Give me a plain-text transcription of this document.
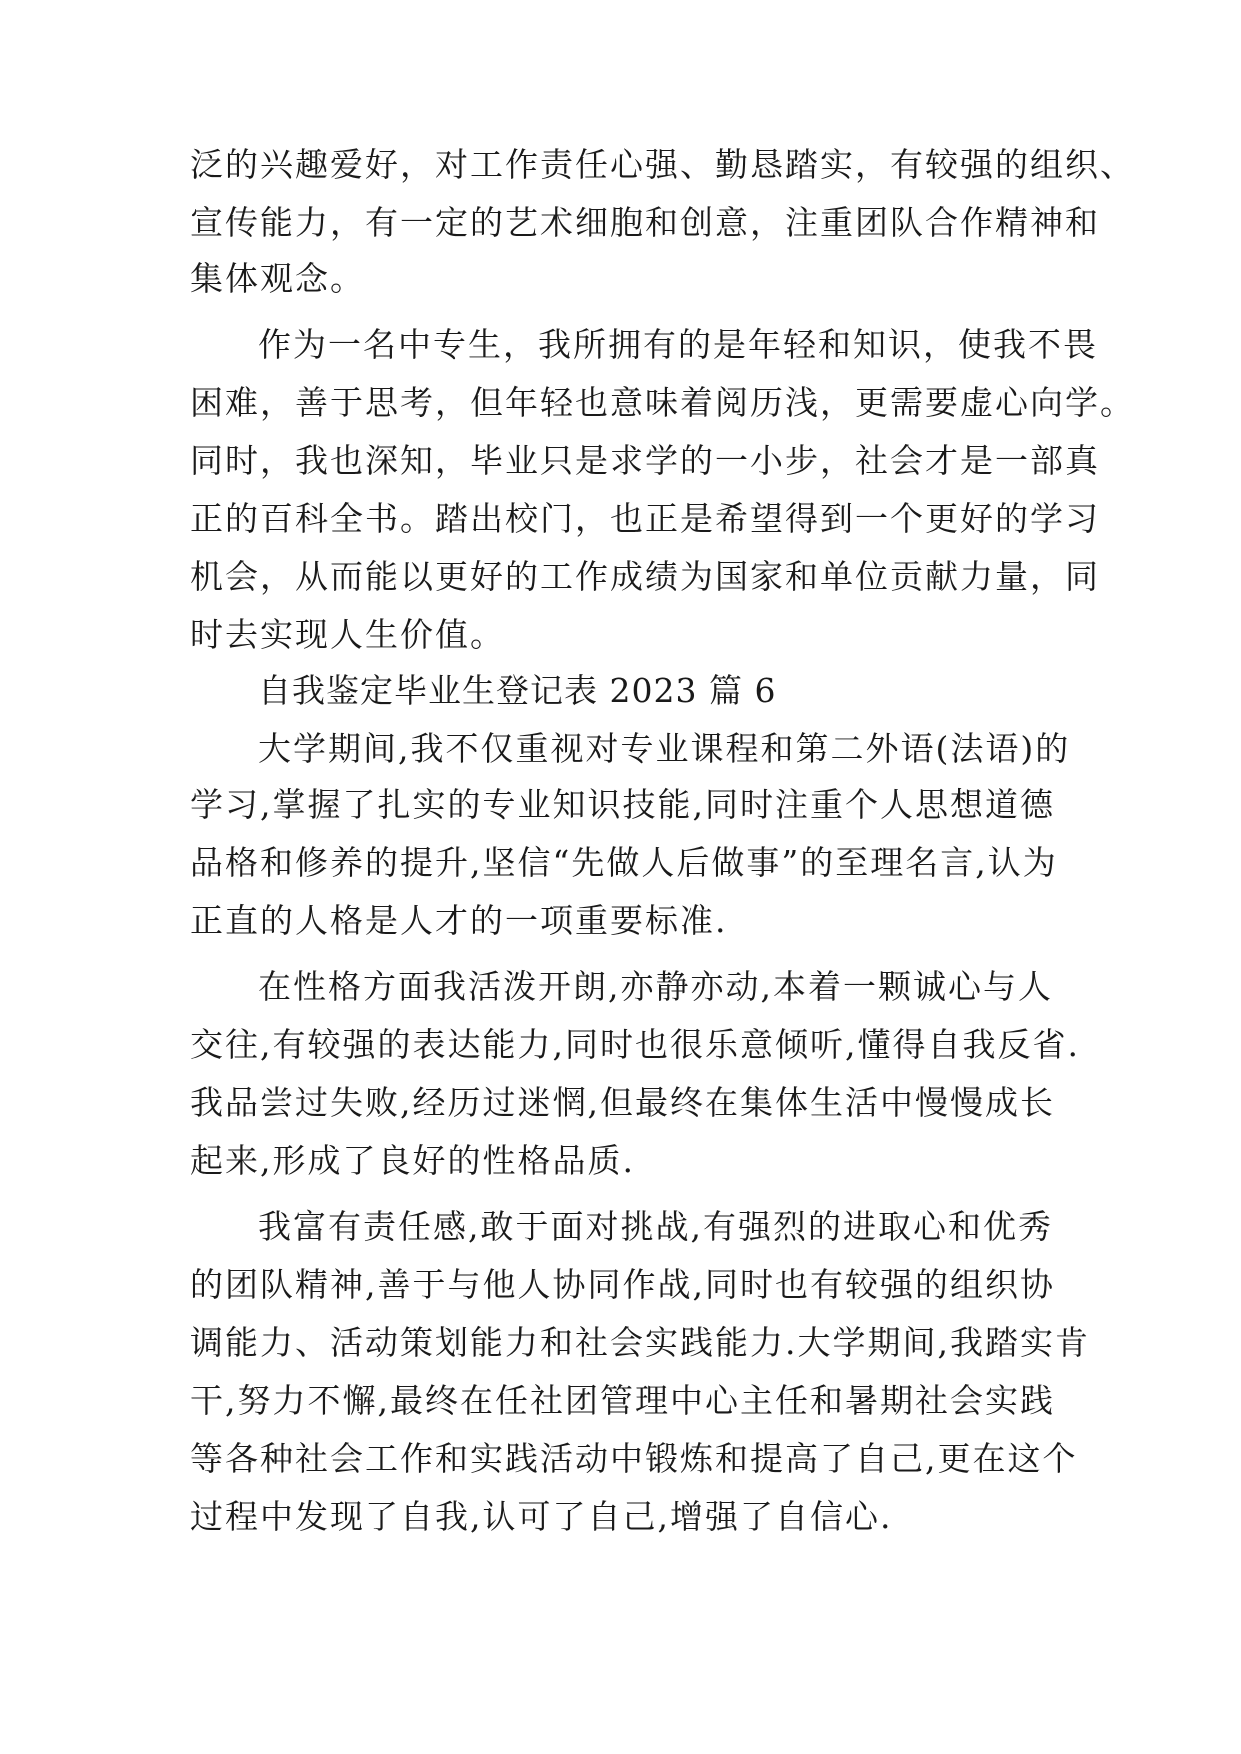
泛的兴趣爱好，对工作责任心强、勤恳踏实，有较强的组织、
宣传能力，有一定的艺术细胞和创意，注重团队合作精神和
集体观念。
作为一名中专生，我所拥有的是年轻和知识，使我不畏
困难，善于思考，但年轻也意味着阅历浅，更需要虚心向学。
同时，我也深知，毕业只是求学的一小步，社会才是一部真
正的百科全书。踏出校门，也正是希望得到一个更好的学习
机会，从而能以更好的工作成绩为国家和单位贡献力量，同
时去实现人生价值。
自我鉴定毕业生登记表 2023 篇 6
大学期间,我不仅重视对专业课程和第二外语(法语)的
学习,掌握了扎实的专业知识技能,同时注重个人思想道德
品格和修养的提升,坚信“先做人后做事”的至理名言,认为
正直的人格是人才的一项重要标准.
在性格方面我活泼开朗,亦静亦动,本着一颗诚心与人
交往,有较强的表达能力,同时也很乐意倾听,懂得自我反省.
我品尝过失败,经历过迷惘,但最终在集体生活中慢慢成长
起来,形成了良好的性格品质.
我富有责任感,敢于面对挑战,有强烈的进取心和优秀
的团队精神,善于与他人协同作战,同时也有较强的组织协
调能力、活动策划能力和社会实践能力.大学期间,我踏实肯
干,努力不懈,最终在任社团管理中心主任和暑期社会实践
等各种社会工作和实践活动中锻炼和提高了自己,更在这个
过程中发现了自我,认可了自己,增强了自信心.
